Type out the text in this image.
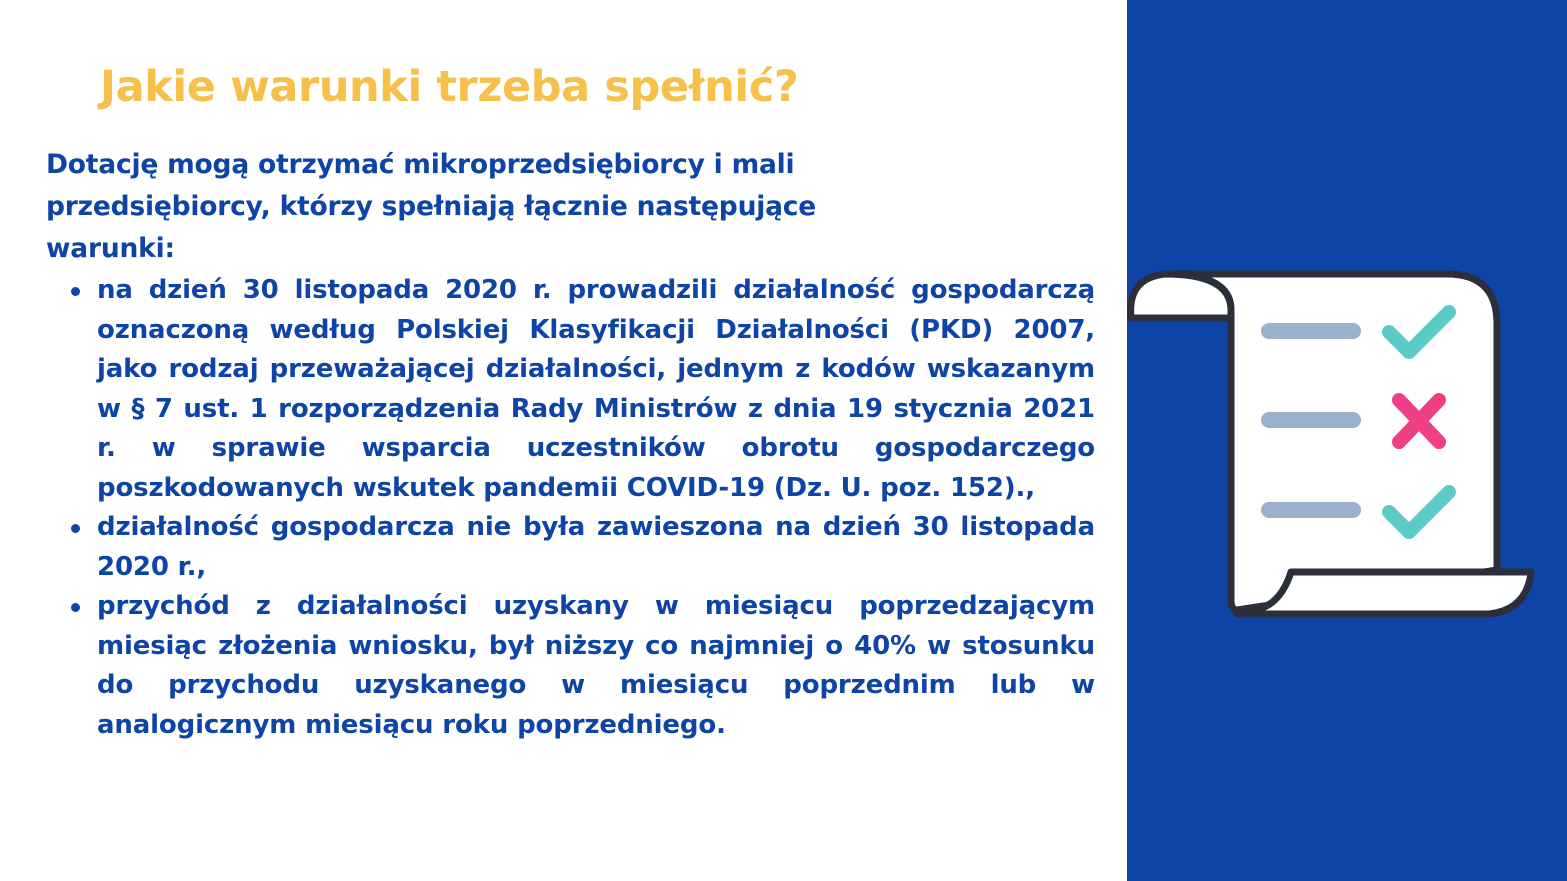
Jakie warunki trzeba spełnić?

Dotację mogą otrzymać mikroprzedsiębiorcy i mali przedsiębiorcy, którzy spełniają łącznie następujące warunki:

na dzień 30 listopada 2020 r. prowadzili działalność gospodarczą oznaczoną według Polskiej Klasyfikacji Działalności (PKD) 2007, jako rodzaj przeważającej działalności, jednym z kodów wskazanym w § 7 ust. 1 rozporządzenia Rady Ministrów z dnia 19 stycznia 2021 r. w sprawie wsparcia uczestników obrotu gospodarczego poszkodowanych wskutek pandemii COVID-19 (Dz. U. poz. 152).,
działalność gospodarcza nie była zawieszona na dzień 30 listopada 2020 r.,
przychód z działalności uzyskany w miesiącu poprzedzającym miesiąc złożenia wniosku, był niższy co najmniej o 40% w stosunku do przychodu uzyskanego w miesiącu poprzednim lub w analogicznym miesiącu roku poprzedniego.
